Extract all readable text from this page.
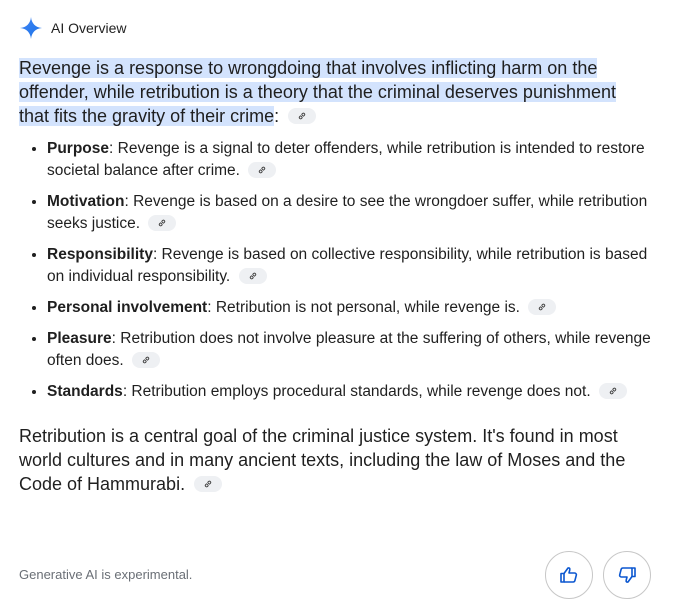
AI Overview
Revenge is a response to wrongdoing that involves inflicting harm on the offender, while retribution is a theory that the criminal deserves punishment that fits the gravity of their crime:
• Purpose: Revenge is a signal to deter offenders, while retribution is intended to restore societal balance after crime.
• Motivation: Revenge is based on a desire to see the wrongdoer suffer, while retribution seeks justice.
• Responsibility: Revenge is based on collective responsibility, while retribution is based on individual responsibility.
• Personal involvement: Retribution is not personal, while revenge is.
• Pleasure: Retribution does not involve pleasure at the suffering of others, while revenge often does.
• Standards: Retribution employs procedural standards, while revenge does not.
Retribution is a central goal of the criminal justice system. It's found in most world cultures and in many ancient texts, including the law of Moses and the Code of Hammurabi.
Generative AI is experimental.
